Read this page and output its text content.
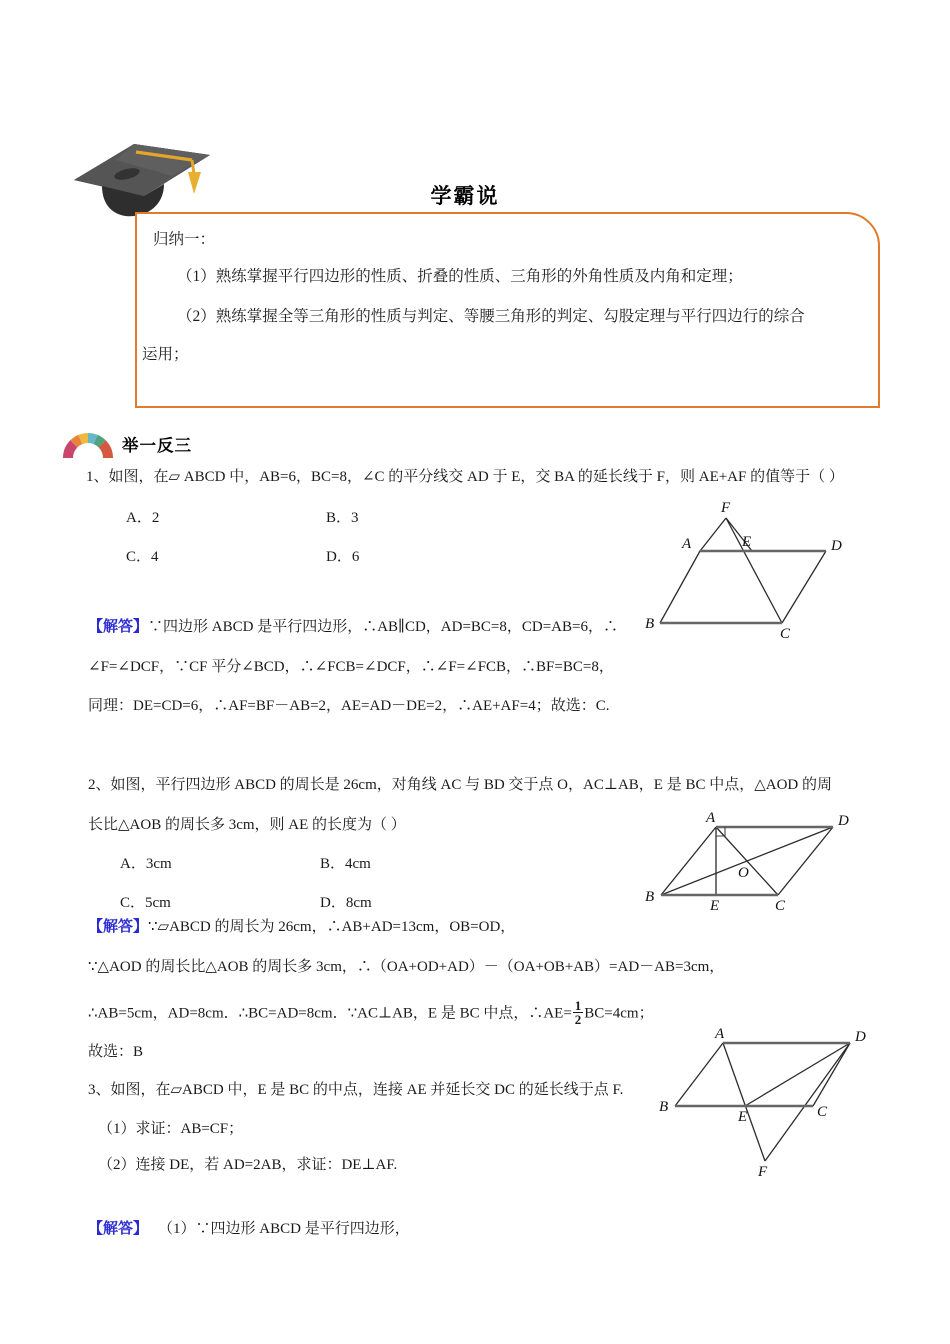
学霸说
归纳一：
（1）熟练掌握平行四边形的性质、折叠的性质、三角形的外角性质及内角和定理；
（2）熟练掌握全等三角形的性质与判定、等腰三角形的判定、勾股定理与平行四边行的综合
运用；
举一反三
1、如图，在▱ ABCD 中，AB=6，BC=8，∠C 的平分线交 AD 于 E，交 BA 的延长线于 F，则 AE+AF 的值等于（ ）
A．2	B．3
C．4	D．6
【解答】∵四边形 ABCD 是平行四边形，∴AB∥CD，AD=BC=8，CD=AB=6，∴
∠F=∠DCF，∵CF 平分∠BCD，∴∠FCB=∠DCF，∴∠F=∠FCB，∴BF=BC=8，
同理：DE=CD=6，∴AF=BF－AB=2，AE=AD－DE=2，∴AE+AF=4；故选：C.
F
A	E	D
B
C
2、如图，平行四边形 ABCD 的周长是 26cm，对角线 AC 与 BD 交于点 O，AC⊥AB，E 是 BC 中点，△AOD 的周
长比△AOB 的周长多 3cm，则 AE 的长度为（ ）
A．3cm	B．4cm
C．5cm	D．8cm
【解答】∵▱ABCD 的周长为 26cm，∴AB+AD=13cm，OB=OD，
∵△AOD 的周长比△AOB 的周长多 3cm，∴（OA+OD+AD）－（OA+OB+AB）=AD－AB=3cm，
∴AB=5cm，AD=8cm．∴BC=AD=8cm．∵AC⊥AB，E 是 BC 中点，∴AE= $\frac{1}{2} BC=4cm$；
故选：B
A	D
O
B
E	C
3、如图，在▱ABCD 中，E 是 BC 的中点，连接 AE 并延长交 DC 的延长线于点 F.
（1）求证：AB=CF；
（2）连接 DE，若 AD=2AB，求证：DE⊥AF.
【解答】 （1）∵四边形 ABCD 是平行四边形，
A	D
B
E	C
F
